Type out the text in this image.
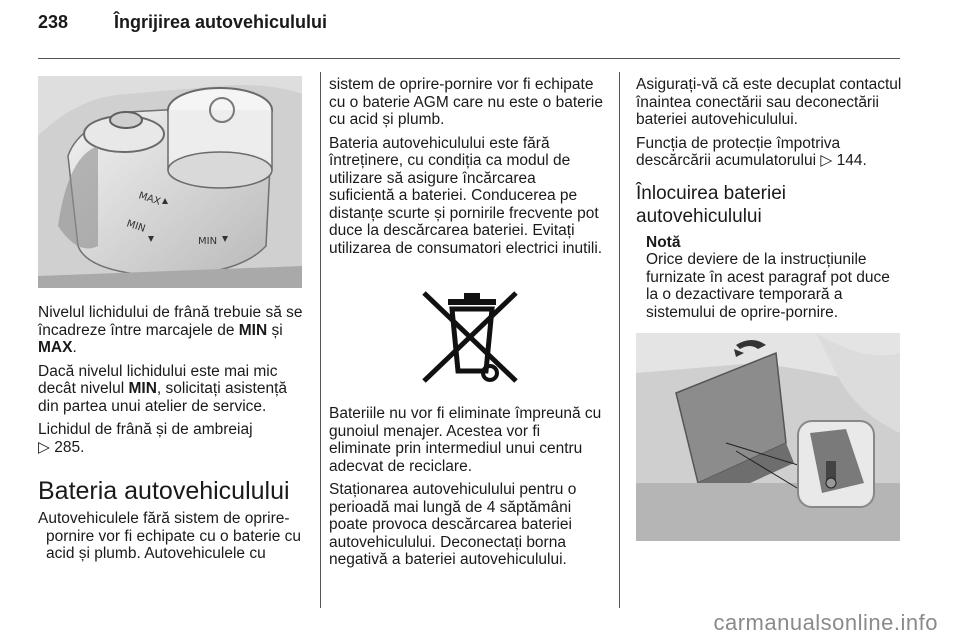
238	Îngrijirea autovehiculului
MAX
MIN
MIN

Nivelul lichidului de frână trebuie să se încadreze între marcajele de MIN și MAX.

Dacă nivelul lichidului este mai mic decât nivelul MIN, solicitați asistență din partea unui atelier de service.

Lichidul de frână și de ambreiaj
▷ 285.

Bateria autovehiculului

Autovehiculele fără sistem de oprire-pornire vor fi echipate cu o baterie cu acid și plumb. Autovehiculele cu

sistem de oprire-pornire vor fi echipate cu o baterie AGM care nu este o baterie cu acid și plumb.

Bateria autovehiculului este fără întreținere, cu condiția ca modul de utilizare să asigure încărcarea suficientă a bateriei. Conducerea pe distanțe scurte și pornirile frecvente pot duce la descărcarea bateriei. Evitați utilizarea de consumatori electrici inutili.

Bateriile nu vor fi eliminate împreună cu gunoiul menajer. Acestea vor fi eliminate prin intermediul unui centru adecvat de reciclare.

Staționarea autovehiculului pentru o perioadă mai lungă de 4 săptămâni poate provoca descărcarea bateriei autovehiculului. Deconectați borna negativă a bateriei autovehiculului.

Asigurați-vă că este decuplat contactul înaintea conectării sau deconectării bateriei autovehiculului.

Funcția de protecție împotriva descărcării acumulatorului ▷ 144.

Înlocuirea bateriei autovehiculului
Notă
Orice deviere de la instrucțiunile furnizate în acest paragraf pot duce la o dezactivare temporară a sistemului de oprire-pornire.
carmanualsonline.info
